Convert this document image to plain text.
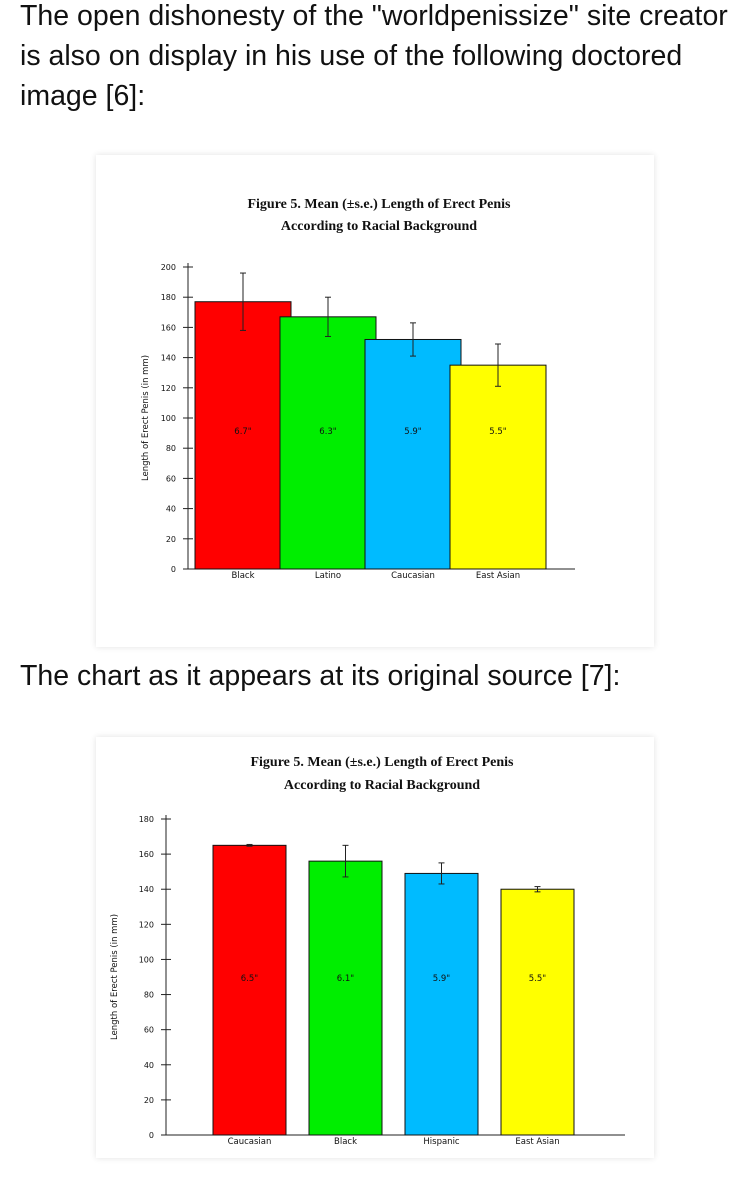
The open dishonesty of the "worldpenissize" site creator is also on display in his use of the following doctored image [6]:

Figure 5. Mean (±s.e.) Length of Erect Penis
According to Racial Background
Length of Erect Penis (in mm)
0
20
40
60
80
100
120
140
160
180
200
6.7"
Black
6.3"
Latino
5.9"
Caucasian
5.5"
East Asian

The chart as it appears at its original source [7]:

Figure 5. Mean (±s.e.) Length of Erect Penis
According to Racial Background
Length of Erect Penis (in mm)
0
20
40
60
80
100
120
140
160
180
6.5"
Caucasian
6.1"
Black
5.9"
Hispanic
5.5"
East Asian
